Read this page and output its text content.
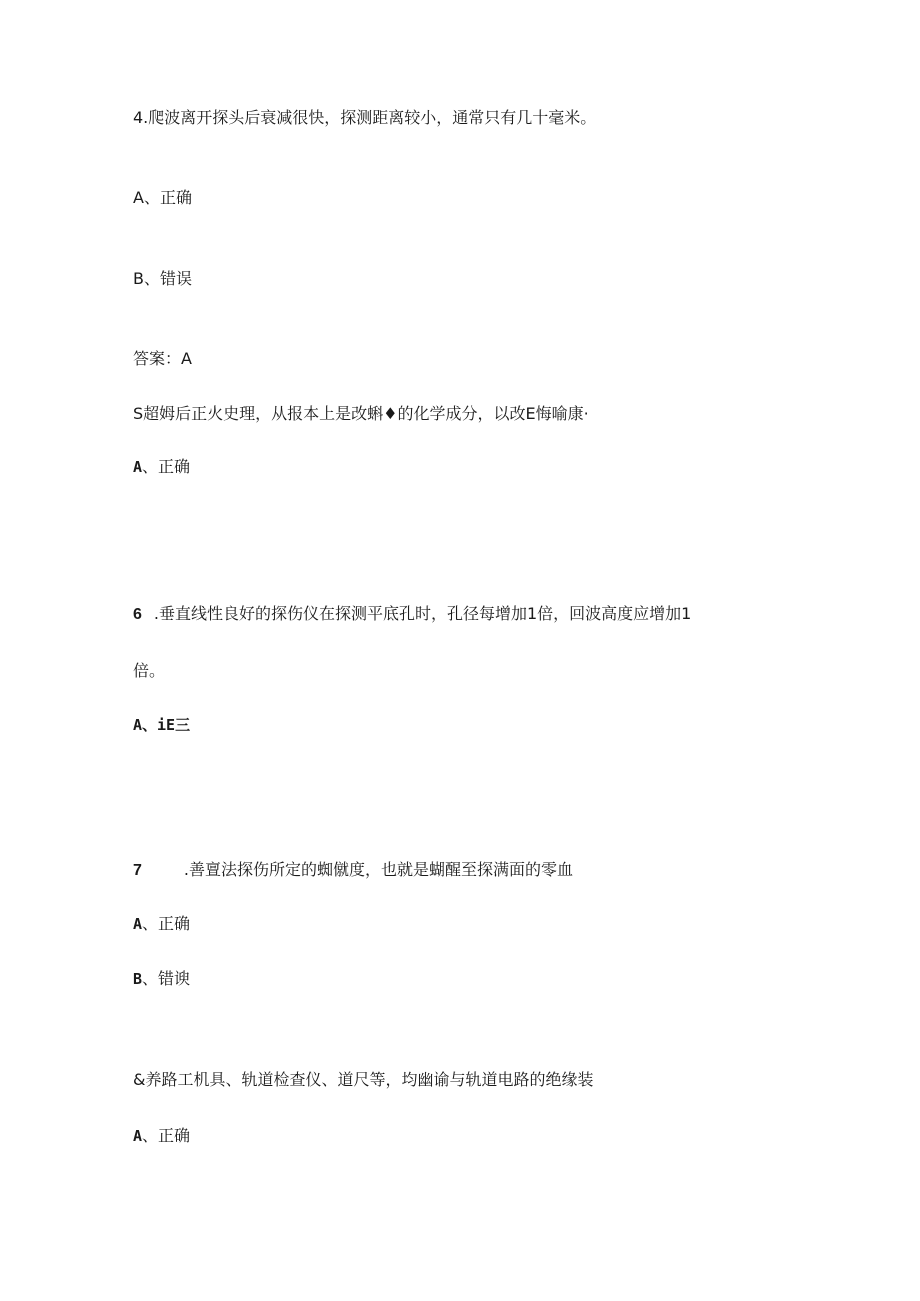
4.爬波离开探头后衰减很快，探测距离较小，通常只有几十毫米。
A、正确
B、错误
答案：A
S超姆后正火史理，从报本上是改蝌♦的化学成分，以改E悔喻康·
A、正确
6 .垂直线性良好的探伤仪在探测平底孔时，孔径每增加1倍，回波高度应增加1
倍。
A、iE三
7	.善亶法探伤所定的蜘僦度，也就是蝴醒至探满面的零血
A、正确
B、错谀
&养路工机具、轨道检查仪、道尺等，均幽谕与轨道电路的绝缘装
A、正确
